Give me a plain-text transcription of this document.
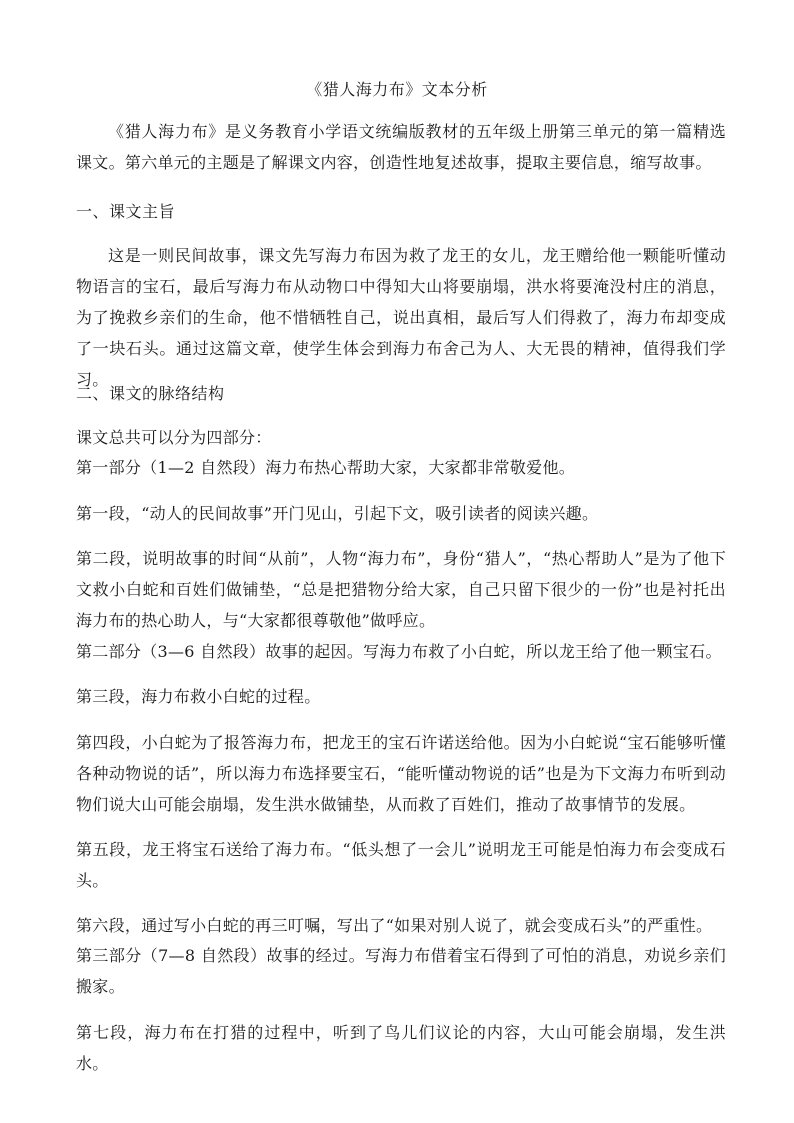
《猎人海力布》文本分析

《猎人海力布》是义务教育小学语文统编版教材的五年级上册第三单元的第一篇精选课文。第六单元的主题是了解课文内容，创造性地复述故事，提取主要信息，缩写故事。

一、课文主旨

这是一则民间故事，课文先写海力布因为救了龙王的女儿，龙王赠给他一颗能听懂动物语言的宝石，最后写海力布从动物口中得知大山将要崩塌，洪水将要淹没村庄的消息，为了挽救乡亲们的生命，他不惜牺牲自己，说出真相，最后写人们得救了，海力布却变成了一块石头。通过这篇文章，使学生体会到海力布舍己为人、大无畏的精神，值得我们学习。

二、课文的脉络结构

课文总共可以分为四部分：

第一部分（1—2 自然段）海力布热心帮助大家，大家都非常敬爱他。

第一段，“动人的民间故事”开门见山，引起下文，吸引读者的阅读兴趣。

第二段，说明故事的时间“从前”，人物“海力布”，身份“猎人”，“热心帮助人”是为了他下文救小白蛇和百姓们做铺垫，“总是把猎物分给大家，自己只留下很少的一份”也是衬托出海力布的热心助人，与“大家都很尊敬他”做呼应。

第二部分（3—6 自然段）故事的起因。写海力布救了小白蛇，所以龙王给了他一颗宝石。

第三段，海力布救小白蛇的过程。

第四段，小白蛇为了报答海力布，把龙王的宝石许诺送给他。因为小白蛇说“宝石能够听懂各种动物说的话”，所以海力布选择要宝石，“能听懂动物说的话”也是为下文海力布听到动物们说大山可能会崩塌，发生洪水做铺垫，从而救了百姓们，推动了故事情节的发展。

第五段，龙王将宝石送给了海力布。“低头想了一会儿”说明龙王可能是怕海力布会变成石头。

第六段，通过写小白蛇的再三叮嘱，写出了“如果对别人说了，就会变成石头”的严重性。

第三部分（7—8 自然段）故事的经过。写海力布借着宝石得到了可怕的消息，劝说乡亲们搬家。

第七段，海力布在打猎的过程中，听到了鸟儿们议论的内容，大山可能会崩塌，发生洪水。
